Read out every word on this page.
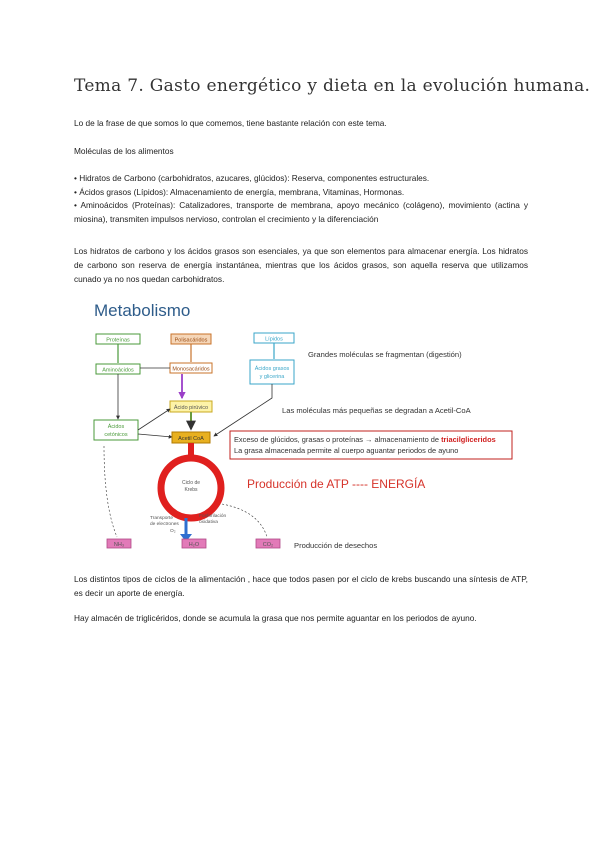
Tema 7. Gasto energético y dieta en la evolución humana.

Lo de la frase de que somos lo que comemos, tiene bastante relación con este tema.

Moléculas de los alimentos

• Hidratos de Carbono (carbohidratos, azucares, glúcidos): Reserva, componentes estructurales.
• Ácidos grasos (Lípidos): Almacenamiento de energía, membrana, Vitaminas, Hormonas.
• Aminoácidos (Proteínas): Catalizadores, transporte de membrana, apoyo mecánico (colágeno), movimiento (actina y miosina), transmiten impulsos nervioso, controlan el crecimiento y la diferenciación

Los hidratos de carbono y los ácidos grasos son esenciales, ya que son elementos para almacenar energía. Los hidratos de carbono son reserva de energía instantánea, mientras que los ácidos grasos, son aquella reserva que utilizamos cunado ya no nos quedan carbohidratos.

Metabolismo
Proteínas	Polisacáridos	Lípidos
Aminoácidos	Monosacáridos	Ácidos grasos
y glicerina
Ácido pirúvico
Ácidos
cetónicos
Acetil CoA
Ciclo de
Krebs
Transporte
de electrones
O₂
Fosforilación
oxidativa
NH₃	H₂O	CO₂
Grandes moléculas se fragmentan (digestión)
Las moléculas más pequeñas se degradan a Acetil-CoA
Exceso de glúcidos, grasas o proteínas → almacenamiento de triacilgliceridos
La grasa almacenada permite al cuerpo aguantar periodos de ayuno
Producción de ATP ---- ENERGÍA
Producción de desechos

Los distintos tipos de ciclos de la alimentación , hace que todos pasen por el ciclo de krebs buscando una síntesis de ATP, es decir un aporte de energía.

Hay almacén de triglicéridos, donde se acumula la grasa que nos permite aguantar en los periodos de ayuno.
